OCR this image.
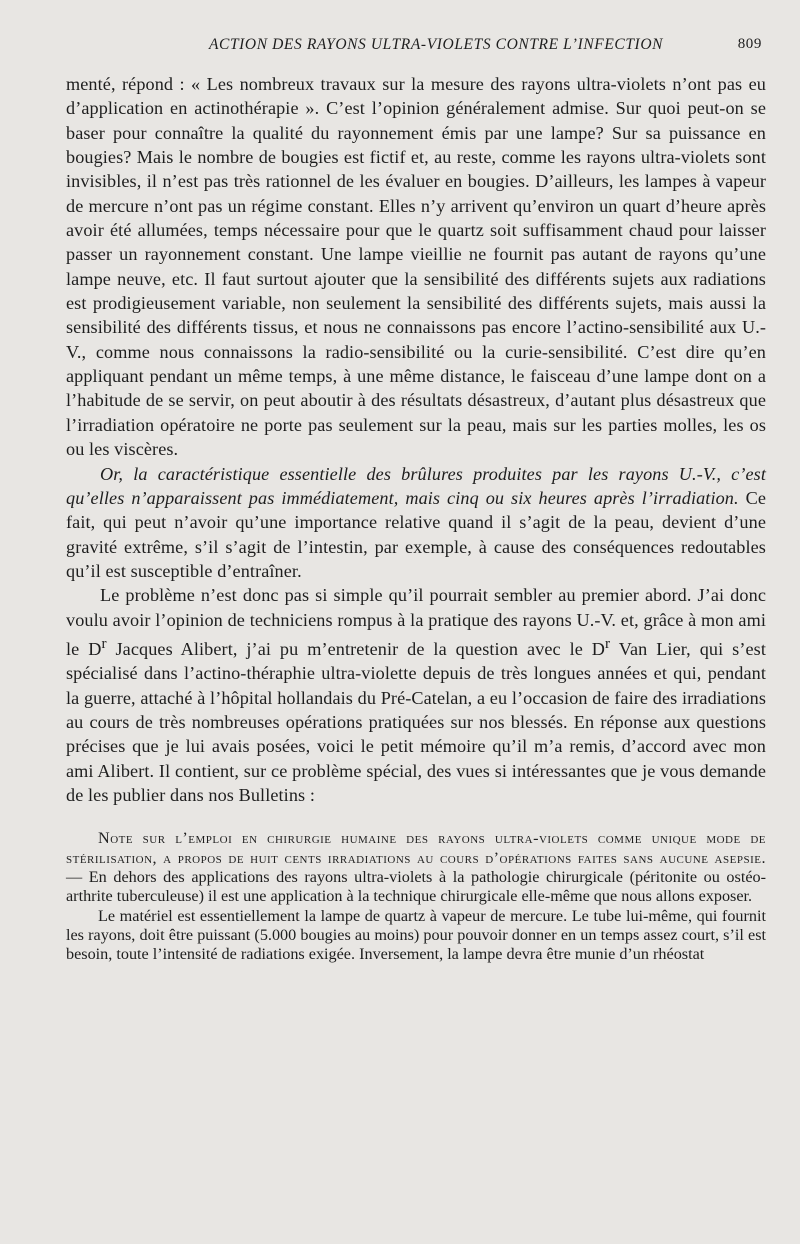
ACTION DES RAYONS ULTRA-VIOLETS CONTRE L’INFECTION	809

menté, répond : « Les nombreux travaux sur la mesure des rayons ultra-violets n’ont pas eu d’application en actinothérapie ». C’est l’opinion généralement admise. Sur quoi peut-on se baser pour connaître la qualité du rayonnement émis par une lampe? Sur sa puissance en bougies? Mais le nombre de bougies est fictif et, au reste, comme les rayons ultra-violets sont invisibles, il n’est pas très rationnel de les évaluer en bougies. D’ailleurs, les lampes à vapeur de mercure n’ont pas un régime constant. Elles n’y arrivent qu’environ un quart d’heure après avoir été allumées, temps nécessaire pour que le quartz soit suffisamment chaud pour laisser passer un rayonnement constant. Une lampe vieillie ne fournit pas autant de rayons qu’une lampe neuve, etc. Il faut surtout ajouter que la sensibilité des différents sujets aux radiations est prodigieusement variable, non seulement la sensibilité des différents sujets, mais aussi la sensibilité des différents tissus, et nous ne connaissons pas encore l’actino-sensibilité aux U.-V., comme nous connaissons la radio-sensibilité ou la curie-sensibilité. C’est dire qu’en appliquant pendant un même temps, à une même distance, le faisceau d’une lampe dont on a l’habitude de se servir, on peut aboutir à des résultats désastreux, d’autant plus désastreux que l’irradiation opératoire ne porte pas seulement sur la peau, mais sur les parties molles, les os ou les viscères.

Or, la caractéristique essentielle des brûlures produites par les rayons U.-V., c’est qu’elles n’apparaissent pas immédiatement, mais cinq ou six heures après l’irradiation. Ce fait, qui peut n’avoir qu’une importance relative quand il s’agit de la peau, devient d’une gravité extrême, s’il s’agit de l’intestin, par exemple, à cause des conséquences redoutables qu’il est susceptible d’entraîner.

Le problème n’est donc pas si simple qu’il pourrait sembler au premier abord. J’ai donc voulu avoir l’opinion de techniciens rompus à la pratique des rayons U.-V. et, grâce à mon ami le $D^r$ Jacques Alibert, j’ai pu m’entretenir de la question avec le $D^r$ Van Lier, qui s’est spécialisé dans l’actino-théraphie ultra-violette depuis de très longues années et qui, pendant la guerre, attaché à l’hôpital hollandais du Pré-Catelan, a eu l’occasion de faire des irradiations au cours de très nombreuses opérations pratiquées sur nos blessés. En réponse aux questions précises que je lui avais posées, voici le petit mémoire qu’il m’a remis, d’accord avec mon ami Alibert. Il contient, sur ce problème spécial, des vues si intéressantes que je vous demande de les publier dans nos Bulletins :

Note sur l’emploi en chirurgie humaine des rayons ultra-violets comme unique mode de stérilisation, a propos de huit cents irradiations au cours d’opérations faites sans aucune asepsie. — En dehors des applications des rayons ultra-violets à la pathologie chirurgicale (péritonite ou ostéo-arthrite tuberculeuse) il est une application à la technique chirurgicale elle-même que nous allons exposer.

Le matériel est essentiellement la lampe de quartz à vapeur de mercure. Le tube lui-même, qui fournit les rayons, doit être puissant (5.000 bougies au moins) pour pouvoir donner en un temps assez court, s’il est besoin, toute l’intensité de radiations exigée. Inversement, la lampe devra être munie d’un rhéostat
